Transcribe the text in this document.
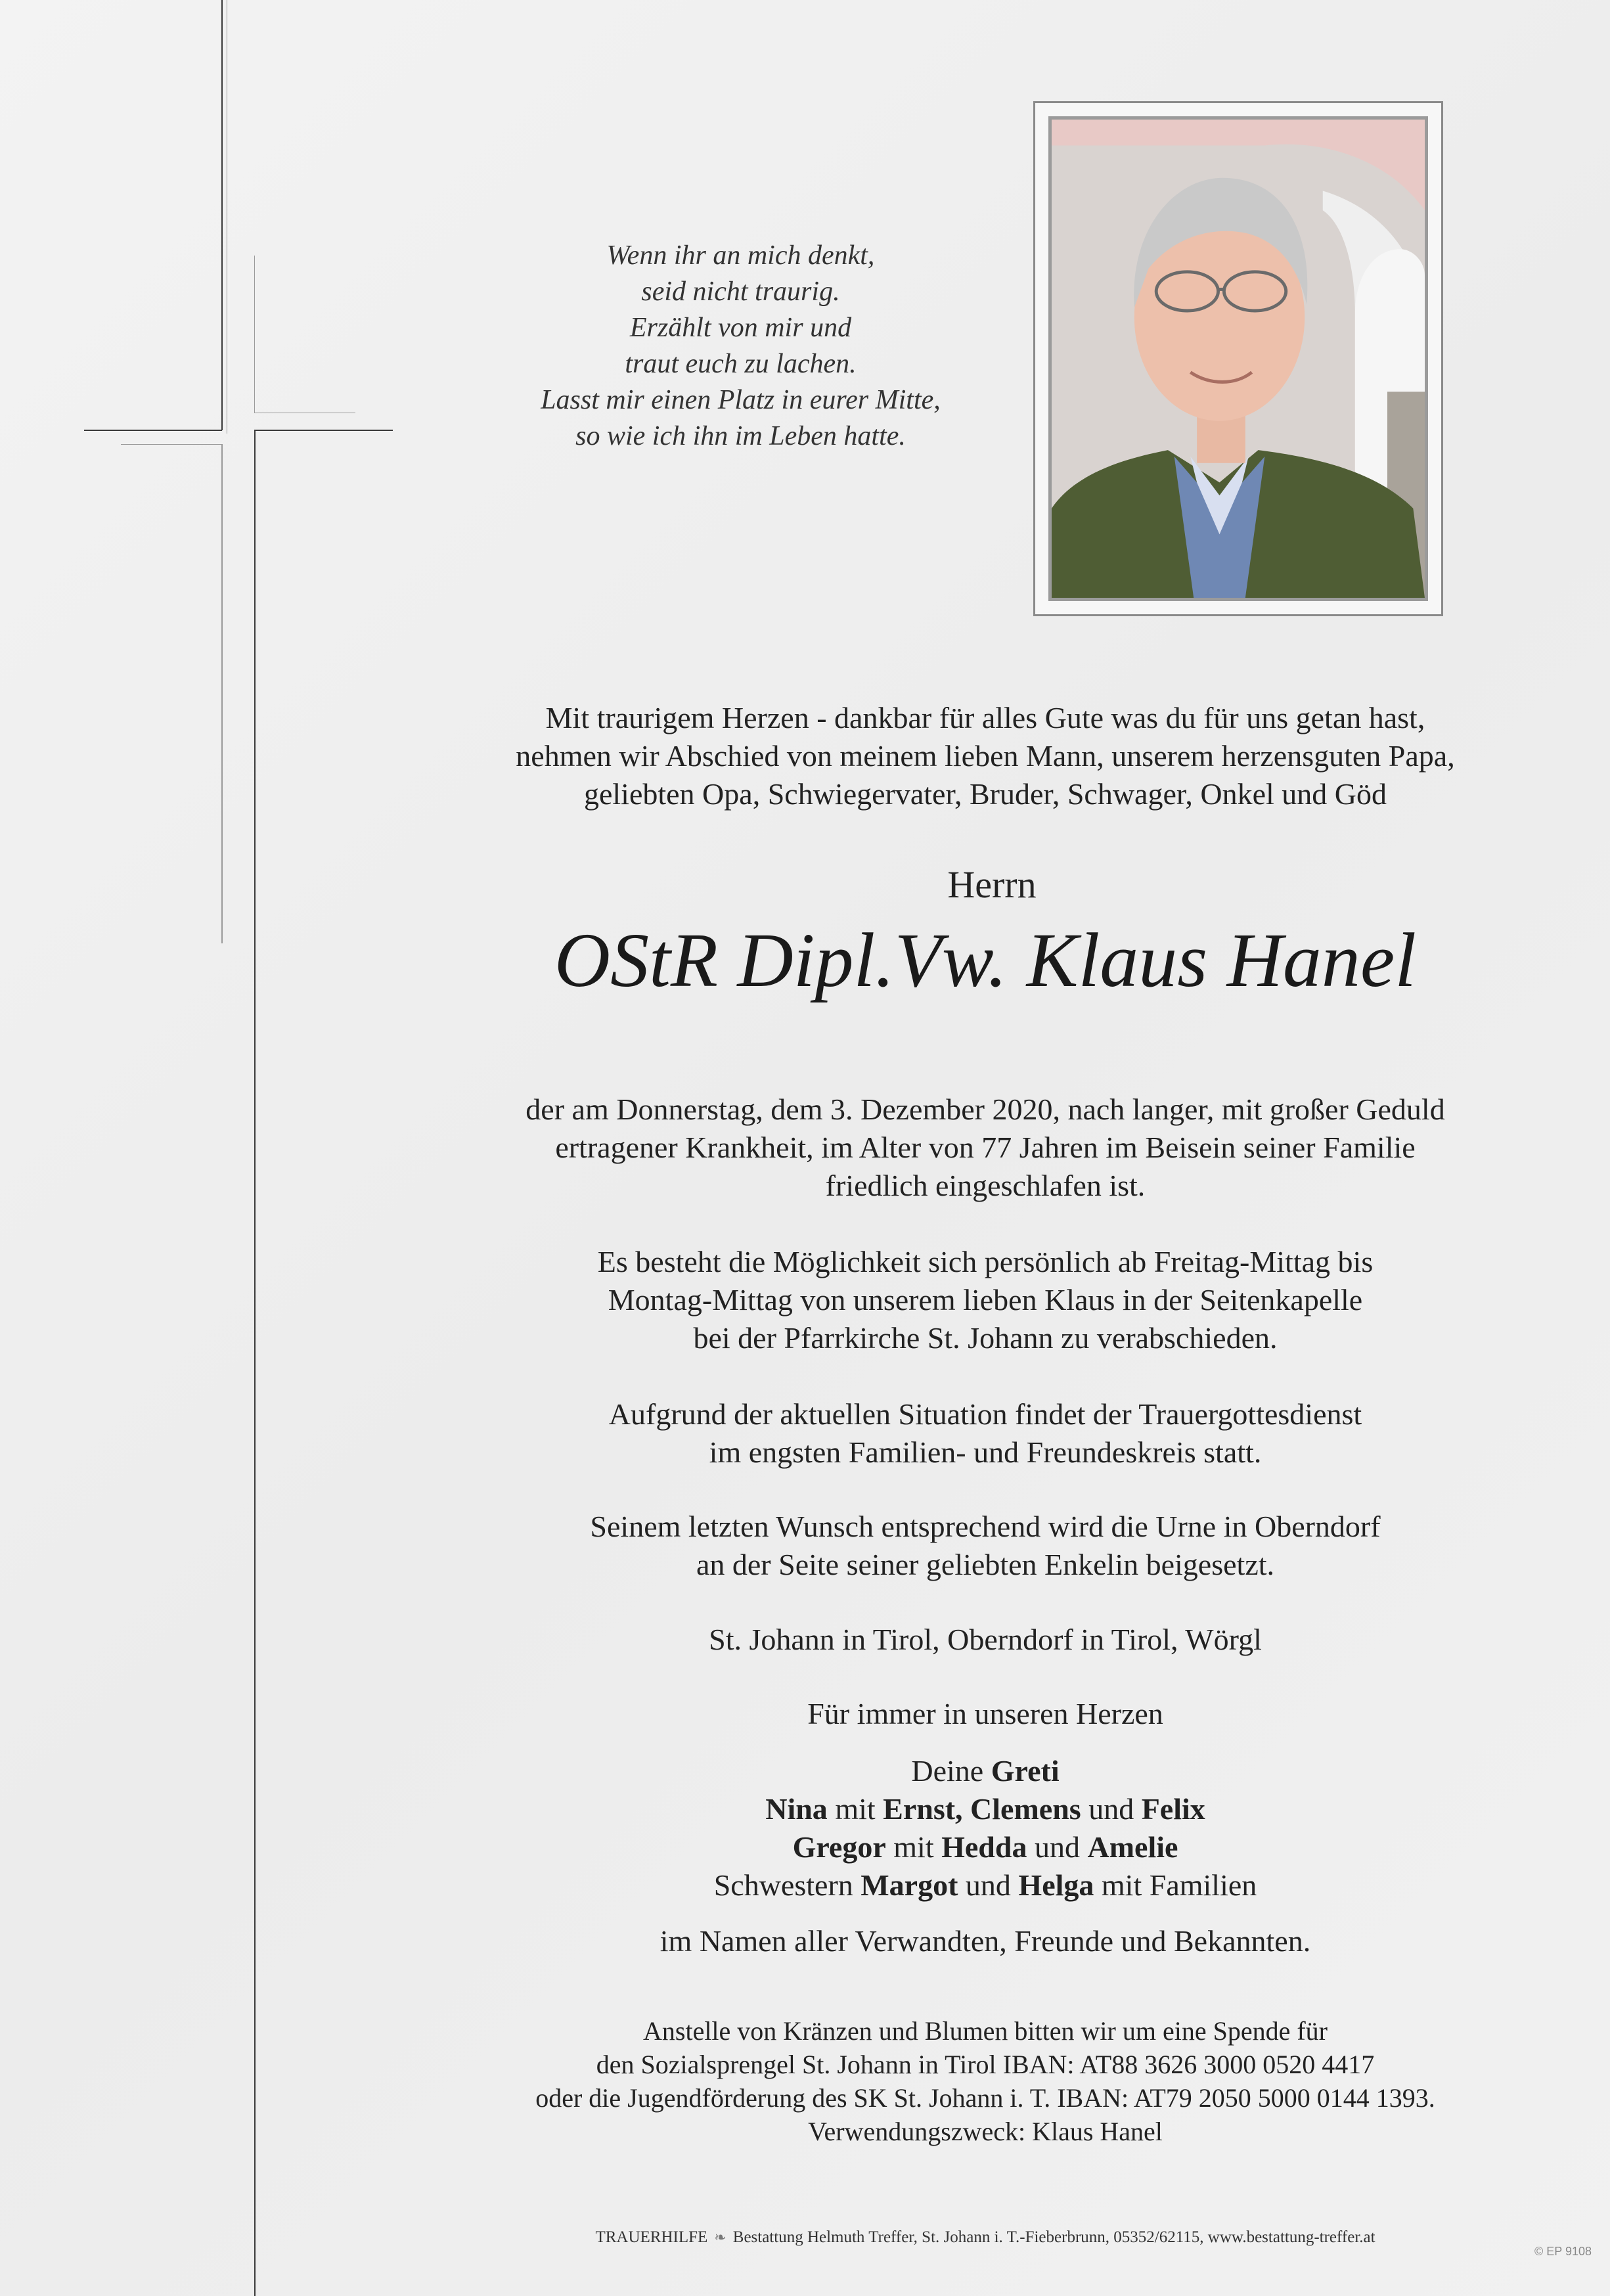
Wenn ihr an mich denkt,
seid nicht traurig.
Erzählt von mir und
traut euch zu lachen.
Lasst mir einen Platz in eurer Mitte,
so wie ich ihn im Leben hatte.
Mit traurigem Herzen - dankbar für alles Gute was du für uns getan hast,
nehmen wir Abschied von meinem lieben Mann, unserem herzensguten Papa,
geliebten Opa, Schwiegervater, Bruder, Schwager, Onkel und Göd
Herrn
OStR Dipl.Vw. Klaus Hanel
der am Donnerstag, dem 3. Dezember 2020, nach langer, mit großer Geduld
ertragener Krankheit, im Alter von 77 Jahren im Beisein seiner Familie
friedlich eingeschlafen ist.
Es besteht die Möglichkeit sich persönlich ab Freitag-Mittag bis
Montag-Mittag von unserem lieben Klaus in der Seitenkapelle
bei der Pfarrkirche St. Johann zu verabschieden.
Aufgrund der aktuellen Situation findet der Trauergottesdienst
im engsten Familien- und Freundeskreis statt.
Seinem letzten Wunsch entsprechend wird die Urne in Oberndorf
an der Seite seiner geliebten Enkelin beigesetzt.
St. Johann in Tirol, Oberndorf in Tirol, Wörgl
Für immer in unseren Herzen
Deine Greti
Nina mit Ernst, Clemens und Felix
Gregor mit Hedda und Amelie
Schwestern Margot und Helga mit Familien
im Namen aller Verwandten, Freunde und Bekannten.
Anstelle von Kränzen und Blumen bitten wir um eine Spende für
den Sozialsprengel St. Johann in Tirol IBAN: AT88 3626 3000 0520 4417
oder die Jugendförderung des SK St. Johann i. T. IBAN: AT79 2050 5000 0144 1393.
Verwendungszweck: Klaus Hanel
TRAUERHILFE ❧ Bestattung Helmuth Treffer, St. Johann i. T.-Fieberbrunn, 05352/62115, www.bestattung-treffer.at
© EP 9108
